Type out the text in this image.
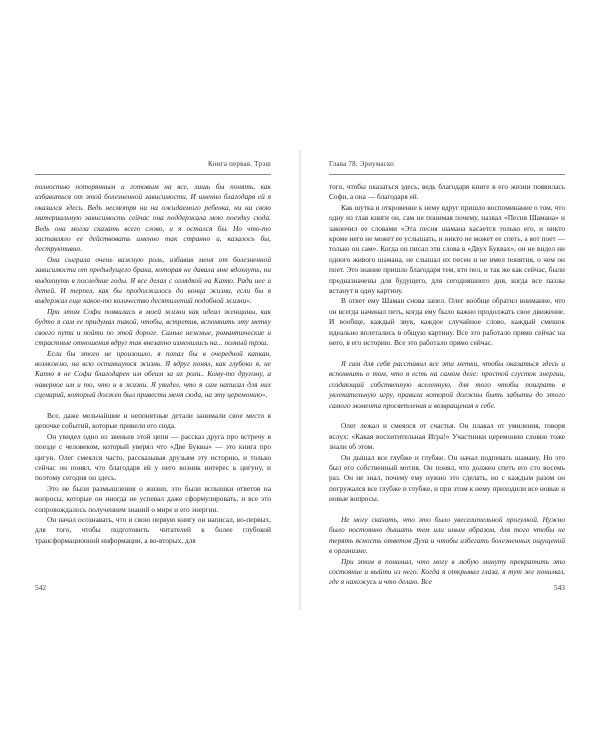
Книга первая. Трэш

полностью потерянным и готовым на все, лишь бы понять, как избавиться от этой болезненной зависимости. И именно благодаря ей я оказался здесь. Ведь несмотря ни на ожидаемого ребенка, ни на свою материальную зависимость сейчас она поддержала мою поездку сюда. Ведь она могла сказать всего слово, и я остался бы. Но что-то заставляло ее действовать именно так странно и, казалось бы, деструктивно.

Она сыграла очень важную роль, избавив меня от болезненной зависимости от предыдущего брака, которая не давала мне вдохнуть, ни выдохнуть в последние годы. Я все делал с оглядкой на Катю. Ради нее и детей. И терпел, как бы продолжалось до конца жизни, если бы я выдержал еще какое-то количество десятилетий подобной жизни».

При этом Софи появилась в моей жизни как идеал женщины, как будто я сам ее придумал такой, чтобы, встретив, вспомнить эту метку своего пути и пойти по этой дороге. Самые нежные, романтические и страстные отношения вдруг так внезапно изменились на... полный трэш.

Если бы этого не произошло, я попал бы в очередной капкан, возможно, на всю оставшуюся жизнь. Я вдруг понял, как глубоко я, не Катю я не Софи благодарен им обеим за их роли.. Кому-то другому, а наверное им и то, что и в жизни. Я увидел, что я сам написал для них сценарий, который должен был привести меня сюда, на эту церемонию».

Все, даже мельчайшие и непонятные детали занимали свое место в цепочке событий, которые привели его сюда.

Он увидел одно из звеньев этой цепи — рассказ друга про встречу в поезде с человеком, который уверял что «Две Буквы» — это книга про цигун. Олег смеялся часто, рассказывая друзьям эту историю, и только сейчас он понял, что благодаря ей у него возник интерес к цигуну, и поэтому сегодня он здесь.

Это не были размышления о жизни, это были вспышки ответов на вопросы, которые он иногда не успевал даже сформулировать, и все это сопровождалось получением знаний о мире и его энергии.

Он начал осознавать, что и свою первую книгу он написал, во-первых, для того, чтобы подготовить читателей к более глубокой трансформационной информации, а во-вторых, для

542
Глава 78. Эрнумаско

того, чтобы оказаться здесь, ведь благодаря книге в его жизни появилась Софи, а она — благодаря ей.

Как шутка и откровение к нему вдруг пришло воспоминание о том, что одну из глав книги он, сам не понимая почему, назвал «Песня Шамана» и закончил ее словами «Эта песня шамана касается только его, и никто кроме него не может ее услышать, и никто не может ее спеть, а вот поет — только он сам». Когда он писал эти слова в «Двух Буквах», он не видел ни одного живого шамана, не слышал их песен и не имел понятия, о чем он поет. Это знание пришло благодаря тем, кто пел, и так же как сейчас, были предназначены для будущего, для сегодняшнего дня, когда все пазлы встанут в одну картину.

В ответ ему Шаман снова запел. Олег вообще обратил внимание, что он всегда начинал петь, когда ему было важно продолжать свое движение. И вообще, каждый звук, каждое случайное слово, каждый смешок идеально вплетались в общую картину. Все это работало прямо сейчас на него, в его историю. Все это работало прямо сейчас.

Я сам для себя расставил все эти метки, чтобы оказаться здесь и вспомнить о том, что я есть на самом деле: простой сгусток энергии, создающий собственную вселенную, для того чтобы поиграть в увлекательную игру, правила которой должны быть забыты до этого самого момента просветления и возвращения к себе.

Олег лежал и смеялся от счастья. Он плакал от умиления, говоря вслух: «Какая восхитительная Игра!» Участники церемонии словно тоже знали об этом.

Он дышал все глубже и глубже. Он начал подпевать шаману. Но это был его собственный мотив. Он понял, что должен спеть его сто восемь раз. Он не знал, почему ему нужно это сделать, но с каждым разом он погружался все глубже и глубже, и при этом к нему приходили все новые и новые вопросы.

Не могу сказать, что это было увеселительной прогулкой. Нужно было постоянно дышать тем или иным образом, для того чтобы не терять ясность ответов Духа и чтобы избегать болезненных ощущений в организме.

При этом я понимал, что могу в любую минуту прекратить это состояние и выйти из него. Когда я открывал глаза, я тут же понимал, где я нахожусь и что делаю. Все

543
